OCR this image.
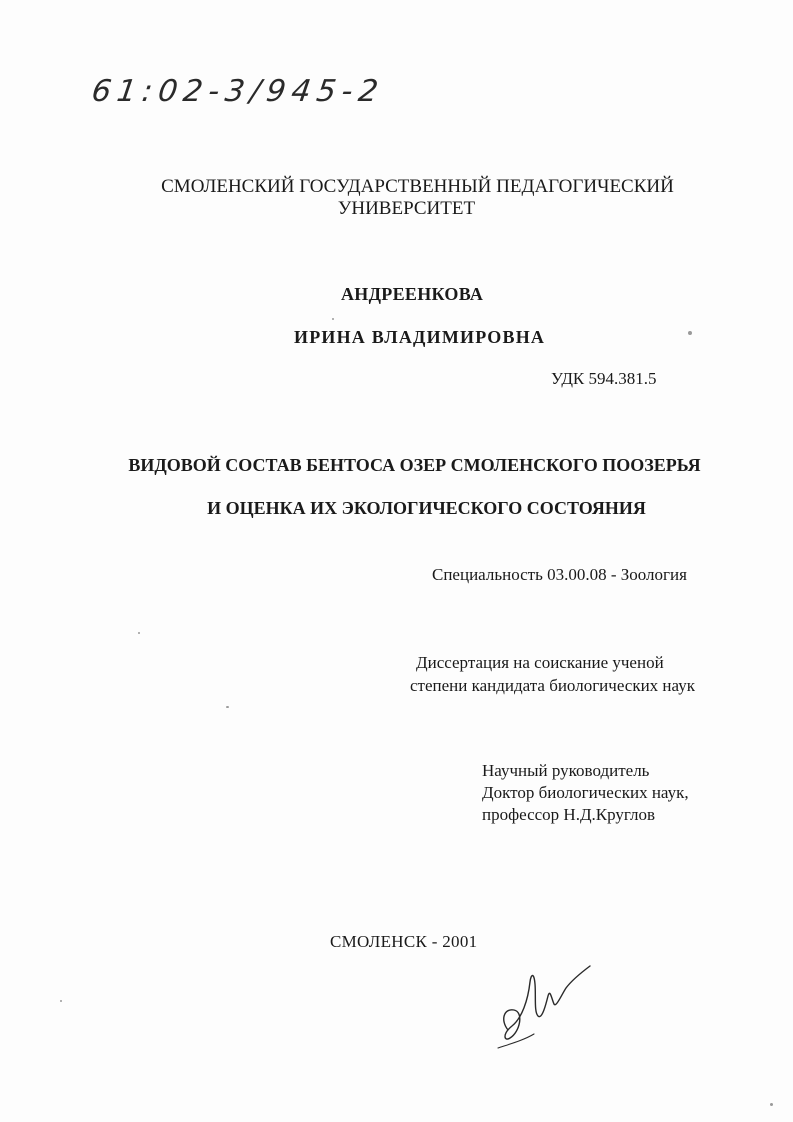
61:02-3/945-2
СМОЛЕНСКИЙ ГОСУДАРСТВЕННЫЙ ПЕДАГОГИЧЕСКИЙ
УНИВЕРСИТЕТ
АНДРЕЕНКОВА
ИРИНА ВЛАДИМИРОВНА
УДК 594.381.5
ВИДОВОЙ СОСТАВ БЕНТОСА ОЗЕР СМОЛЕНСКОГО ПООЗЕРЬЯ
И ОЦЕНКА ИХ ЭКОЛОГИЧЕСКОГО СОСТОЯНИЯ
Специальность 03.00.08 - Зоология
Диссертация на соискание ученой
степени кандидата биологических наук
Научный руководитель
Доктор биологических наук,
профессор Н.Д.Круглов
СМОЛЕНСК - 2001
